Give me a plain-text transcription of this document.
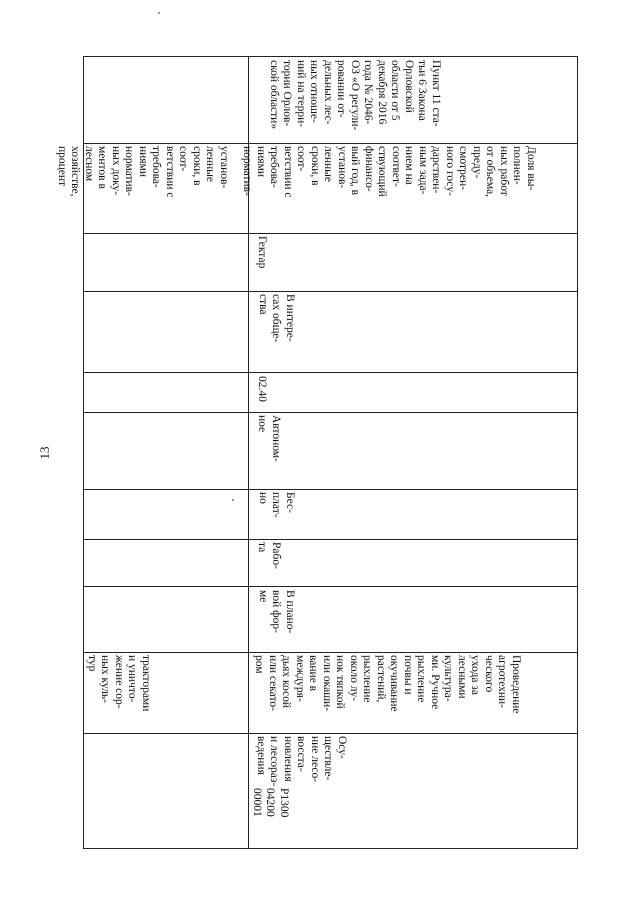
13
установ-
ленные
сроки, в
соот-
ветствии с
требова-
ниями
норматив-
ных доку-
ментов в
лесном
хозяйстве,
процент
тракторами
и уничто-
жение сор-
ных куль-
тур
Пункт 11 ста-
тьи 6 Закона
Орловской
области от 5
декабря 2016
года № 2046-
ОЗ «О регули-
ровании от-
дельных лес-
ных отноше-
ний на терри-
тории Орлов-
ской области»
Доля вы-
полнен-
ных работ
от объема,
преду-
смотрен-
ного госу-
дарствен-
ным зада-
нием на
соответ-
ствующий
финансо-
вый год, в
установ-
ленные
сроки, в
соот-
ветствии с
требова-
ниями
норматив-
Гектар
В интере-
сах обще-
ства
02.40
Автоном-
ное
Бес-
плат-
но
Рабо-
та
В плано-
вой фор-
ме
Проведение
агротехни-
ческого
ухода за
лесными
культура-
ми. Ручное
рыхление
почвы и
окучивание
растений,
рыхление
около лу-
нок тяпкой
или окаши-
вание в
междуря-
дьях косой
или секато-
ром
Осу-
ществле-
ние лесо-
восста-
новления
и лесораз-
ведения
Р1300
04200
00001
